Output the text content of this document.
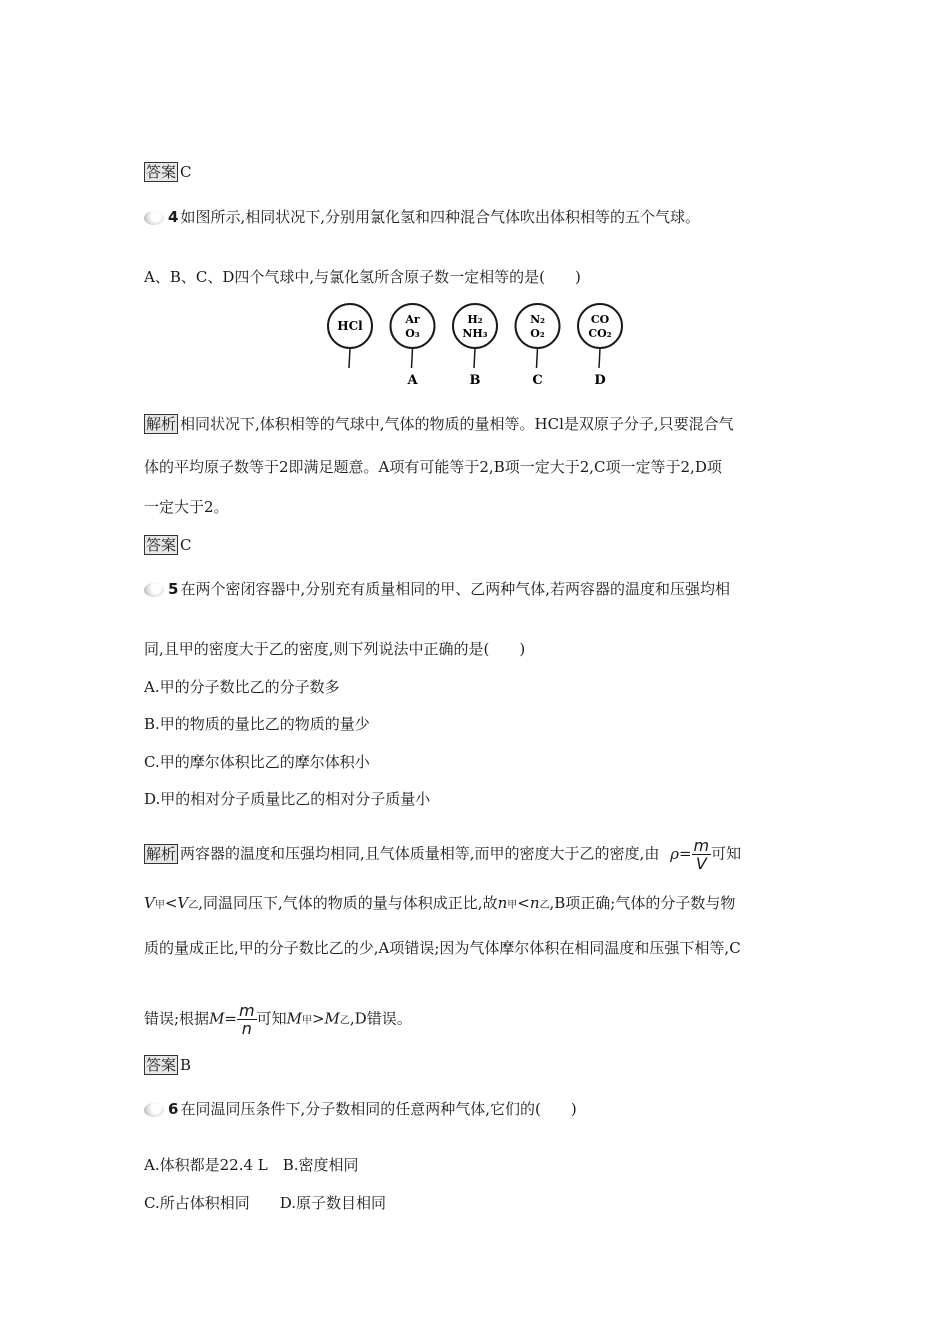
答案 C
4 如图所示,相同状况下,分别用氯化氢和四种混合气体吹出体积相等的五个气球。
A、B、C、D四个气球中,与氯化氢所含原子数一定相等的是(　　)
HCl	Ar
O₃
A
H₂
NH₃
B
N₂
O₂
C
CO
CO₂
D
解析 相同状况下,体积相等的气球中,气体的物质的量相等。HCl是双原子分子,只要混合气
体的平均原子数等于2即满足题意。A项有可能等于2,B项一定大于2,C项一定等于2,D项
一定大于2。
答案 C
5 在两个密闭容器中,分别充有质量相同的甲、乙两种气体,若两容器的温度和压强均相
同,且甲的密度大于乙的密度,则下列说法中正确的是(　　)
A.甲的分子数比乙的分子数多
B.甲的物质的量比乙的物质的量少
C.甲的摩尔体积比乙的摩尔体积小
D.甲的相对分子质量比乙的相对分子质量小
解析 两容器的温度和压强均相同,且气体质量相等,而甲的密度大于乙的密度,由 $\rho= \frac{m}{V}$ 可知
V甲<V乙,同温同压下,气体的物质的量与体积成正比,故n甲<n乙,B项正确;气体的分子数与物
质的量成正比,甲的分子数比乙的少,A项错误;因为气体摩尔体积在相同温度和压强下相等,C
错误;根据$M= \frac{m}{n}$ 可知M甲>M乙,D错误。
答案 B
6 在同温同压条件下,分子数相同的任意两种气体,它们的(　　)
A.体积都是22.4 L　B.密度相同
C.所占体积相同　　D.原子数目相同
